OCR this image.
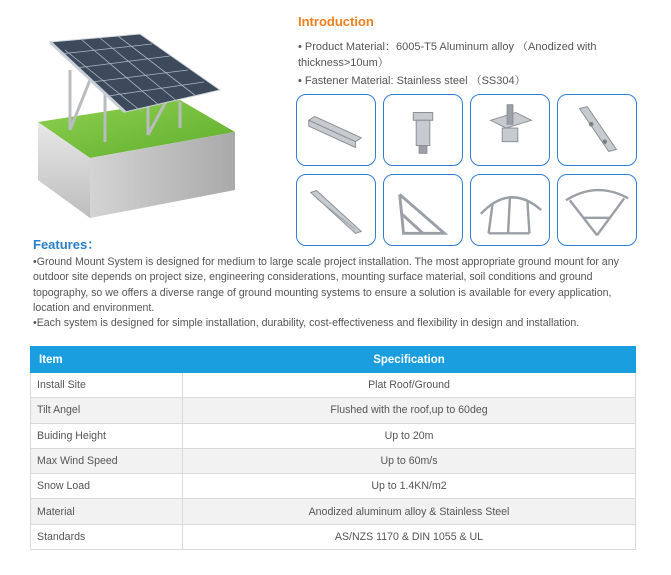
Introduction
• Product Material：6005-T5 Aluminum alloy （Anodized with thickness>10um）
• Fastener Material: Stainless steel （SS304）
Features：

•Ground Mount System is designed for medium to large scale project installation. The most appropriate ground mount for any outdoor site depends on project size, engineering considerations, mounting surface material, soil conditions and ground topography, so we offers a diverse range of ground mounting systems to ensure a solution is available for every application, location and environment.

•Each system is designed for simple installation, durability, cost-effectiveness and flexibility in design and installation.

Item	Specification
Install Site	Plat Roof/Ground
Tilt Angel	Flushed with the roof,up to 60deg
Buiding Height	Up to 20m
Max Wind Speed	Up to 60m/s
Snow Load	Up to 1.4KN/m2
Material	Anodized aluminum alloy & Stainless Steel
Standards	AS/NZS 1170 & DIN 1055 & UL
